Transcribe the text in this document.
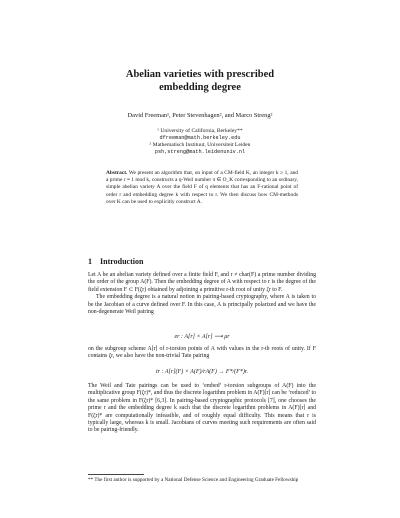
Abelian varieties with prescribed
embedding degree
David Freeman¹, Peter Stevenhagen², and Marco Streng²
¹ University of California, Berkeley**
dfreeman@math.berkeley.edu
² Mathematisch Instituut, Universiteit Leiden
psh,streng@math.leidenuniv.nl
Abstract. We present an algorithm that, on input of a CM-field K, an integer k ≥ 1, and a prime r ≡ 1 mod k, constructs a q-Weil number π ∈ O_K corresponding to an ordinary, simple abelian variety A over the field F of q elements that has an F-rational point of order r and embedding degree k with respect to r. We then discuss how CM-methods over K can be used to explicitly construct A.
1 Introduction

Let A be an abelian variety defined over a finite field F, and r ≠ char(F) a prime number dividing the order of the group A(F). Then the embedding degree of A with respect to r is the degree of the field extension F ⊂ F(ζr) obtained by adjoining a primitive r-th root of unity ζr to F.

The embedding degree is a natural notion in pairing-based cryptography, where A is taken to be the Jacobian of a curve defined over F. In this case, A is principally polarized and we have the non-degenerate Weil pairing

er : A[r] × A[r] ⟶ μr

on the subgroup scheme A[r] of r-torsion points of A with values in the r-th roots of unity. If F contains ζr, we also have the non-trivial Tate pairing

tr : A[r](F) × A(F)/rA(F) → F*/(F*)r.

The Weil and Tate pairings can be used to ‘embed’ r-torsion subgroups of A(F) into the multiplicative group F(ζr)*, and thus the discrete logarithm problem in A(F)[r] can be ‘reduced’ to the same problem in F(ζr)* [6,3]. In pairing-based cryptographic protocols [7], one chooses the prime r and the embedding degree k such that the discrete logarithm problems in A(F)[r] and F(ζr)* are computationally infeasible, and of roughly equal difficulty. This means that r is typically large, whereas k is small. Jacobians of curves meeting such requirements are often said to be pairing-friendly.

** The first author is supported by a National Defense Science and Engineering Graduate Fellowship
